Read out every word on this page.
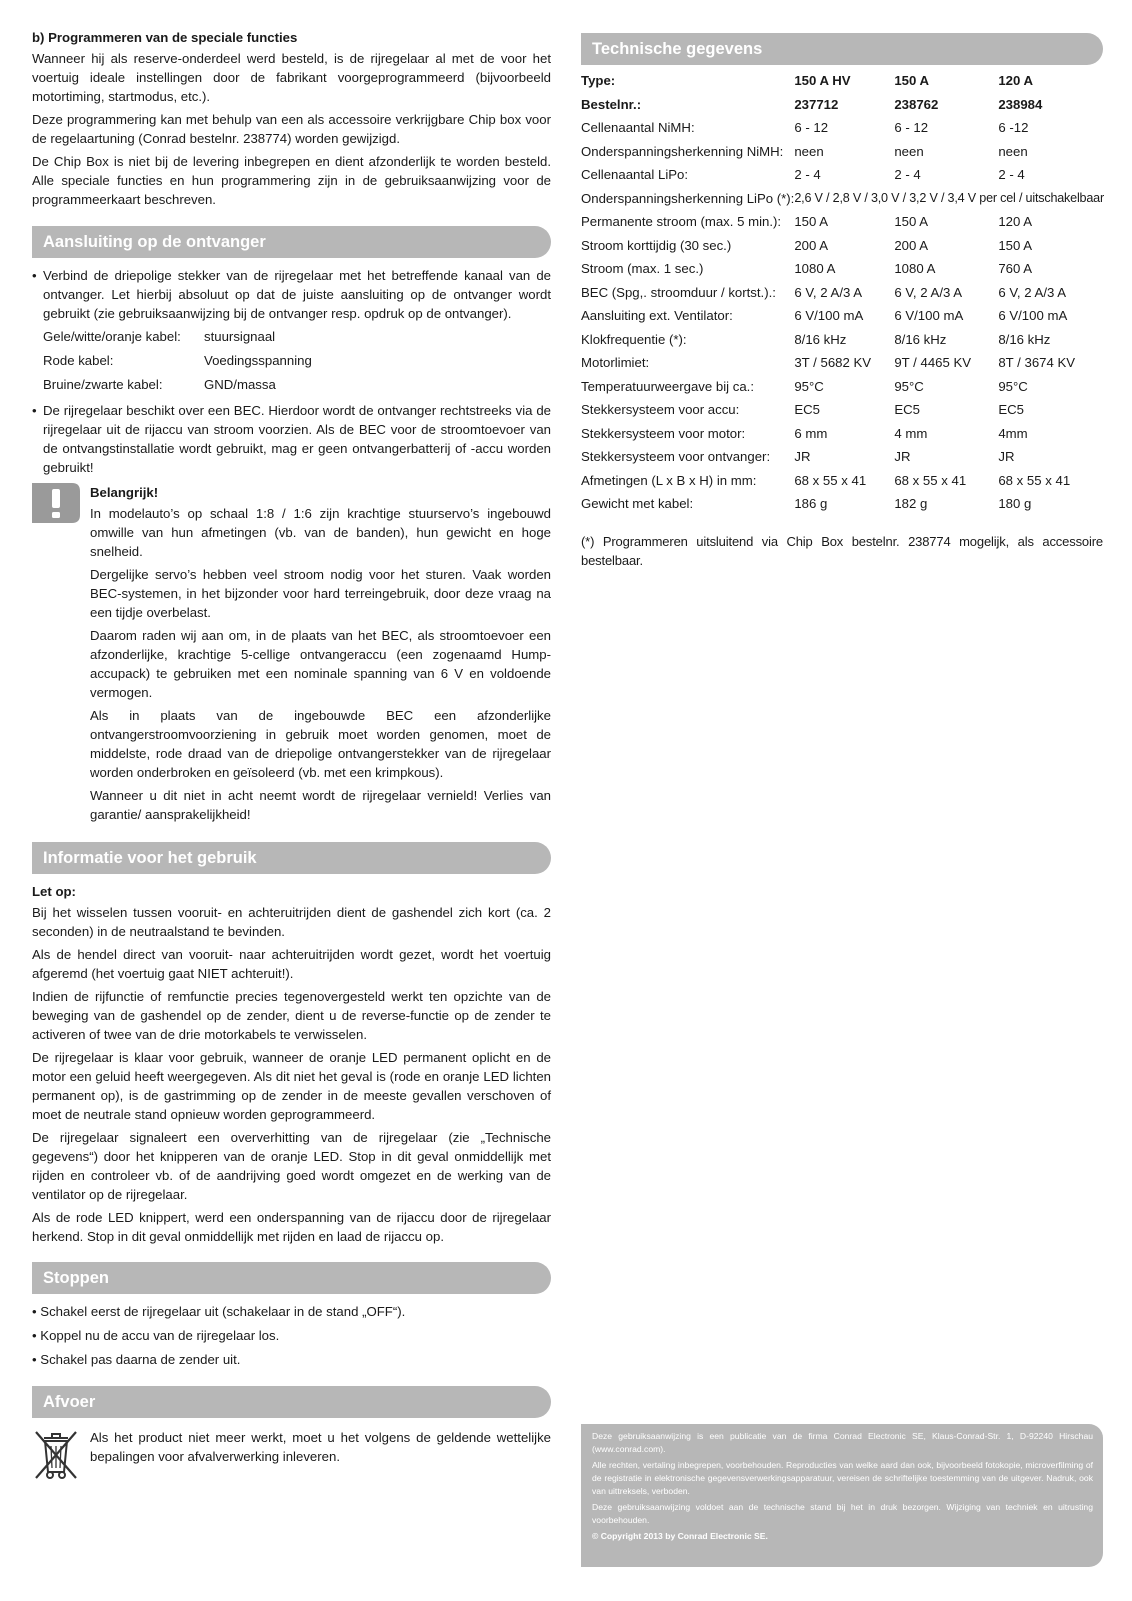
b) Programmeren van de speciale functies

Wanneer hij als reserve-onderdeel werd besteld, is de rijregelaar al met de voor het voertuig ideale instellingen door de fabrikant voorgeprogrammeerd (bijvoorbeeld motortiming, startmodus, etc.).

Deze programmering kan met behulp van een als accessoire verkrijgbare Chip box voor de regelaartuning (Conrad bestelnr. 238774) worden gewijzigd.

De Chip Box is niet bij de levering inbegrepen en dient afzonderlijk te worden besteld. Alle speciale functies en hun programmering zijn in de gebruiksaanwijzing voor de programmeerkaart beschreven.

Aansluiting op de ontvanger
• Verbind de driepolige stekker van de rijregelaar met het betreffende kanaal van de ontvanger. Let hierbij absoluut op dat de juiste aansluiting op de ontvanger wordt gebruikt (zie gebruiksaanwijzing bij de ontvanger resp. opdruk op de ontvanger).
Gele/witte/oranje kabel:	stuursignaal
Rode kabel:	Voedingsspanning
Bruine/zwarte kabel:	GND/massa
• De rijregelaar beschikt over een BEC. Hierdoor wordt de ontvanger rechtstreeks via de rijregelaar uit de rijaccu van stroom voorzien. Als de BEC voor de stroomtoevoer van de ontvangstinstallatie wordt gebruikt, mag er geen ontvangerbatterij of -accu worden gebruikt!

Belangrijk!

In modelauto’s op schaal 1:8 / 1:6 zijn krachtige stuurservo’s ingebouwd omwille van hun afmetingen (vb. van de banden), hun gewicht en hoge snelheid.

Dergelijke servo’s hebben veel stroom nodig voor het sturen. Vaak worden BEC-systemen, in het bijzonder voor hard terreingebruik, door deze vraag na een tijdje overbelast.

Daarom raden wij aan om, in de plaats van het BEC, als stroomtoevoer een afzonderlijke, krachtige 5-cellige ontvangeraccu (een zogenaamd Hump-accupack) te gebruiken met een nominale spanning van 6 V en voldoende vermogen.

Als in plaats van de ingebouwde BEC een afzonderlijke ontvangerstroomvoorziening in gebruik moet worden genomen, moet de middelste, rode draad van de driepolige ontvangerstekker van de rijregelaar worden onderbroken en geïsoleerd (vb. met een krimpkous).

Wanneer u dit niet in acht neemt wordt de rijregelaar vernield! Verlies van garantie/ aansprakelijkheid!

Informatie voor het gebruik

Let op:

Bij het wisselen tussen vooruit- en achteruitrijden dient de gashendel zich kort (ca. 2 seconden) in de neutraalstand te bevinden.

Als de hendel direct van vooruit- naar achteruitrijden wordt gezet, wordt het voertuig afgeremd (het voertuig gaat NIET achteruit!).

Indien de rijfunctie of remfunctie precies tegenovergesteld werkt ten opzichte van de beweging van de gashendel op de zender, dient u de reverse-functie op de zender te activeren of twee van de drie motorkabels te verwisselen.

De rijregelaar is klaar voor gebruik, wanneer de oranje LED permanent oplicht en de motor een geluid heeft weergegeven. Als dit niet het geval is (rode en oranje LED lichten permanent op), is de gastrimming op de zender in de meeste gevallen verschoven of moet de neutrale stand opnieuw worden geprogrammeerd.

De rijregelaar signaleert een oververhitting van de rijregelaar (zie „Technische gegevens“) door het knipperen van de oranje LED. Stop in dit geval onmiddellijk met rijden en controleer vb. of de aandrijving goed wordt omgezet en de werking van de ventilator op de rijregelaar.

Als de rode LED knippert, werd een onderspanning van de rijaccu door de rijregelaar herkend. Stop in dit geval onmiddellijk met rijden en laad de rijaccu op.

Stoppen
• Schakel eerst de rijregelaar uit (schakelaar in de stand „OFF“).
• Koppel nu de accu van de rijregelaar los.
• Schakel pas daarna de zender uit.
Afvoer

Als het product niet meer werkt, moet u het volgens de geldende wettelijke bepalingen voor afvalverwerking inleveren.

Technische gegevens
Type:	150 A HV	150 A	120 A
Bestelnr.:	237712	238762	238984
Cellenaantal NiMH:	6 - 12	6 - 12	6 -12
Onderspanningsherkenning NiMH:	neen	neen	neen
Cellenaantal LiPo:	2 - 4	2 - 4	2 - 4
Onderspanningsherkenning LiPo (*):	2,6 V / 2,8 V / 3,0 V / 3,2 V / 3,4 V per cel / uitschakelbaar		
Permanente stroom (max. 5 min.):	150 A	150 A	120 A
Stroom korttijdig (30 sec.)	200 A	200 A	150 A
Stroom (max. 1 sec.)	1080 A	1080 A	760 A
BEC (Spg,. stroomduur / kortst.).:	6 V, 2 A/3 A	6 V, 2 A/3 A	6 V, 2 A/3 A
Aansluiting ext. Ventilator:	6 V/100 mA	6 V/100 mA	6 V/100 mA
Klokfrequentie (*):	8/16 kHz	8/16 kHz	8/16 kHz
Motorlimiet:	3T / 5682 KV	9T / 4465 KV	8T / 3674 KV
Temperatuurweergave bij ca.:	95°C	95°C	95°C
Stekkersysteem voor accu:	EC5	EC5	EC5
Stekkersysteem voor motor:	6 mm	4 mm	4mm
Stekkersysteem voor ontvanger:	JR	JR	JR
Afmetingen (L x B x H) in mm:	68 x 55 x 41	68 x 55 x 41	68 x 55 x 41
Gewicht met kabel:	186 g	182 g	180 g

(*) Programmeren uitsluitend via Chip Box bestelnr. 238774 mogelijk, als accessoire bestelbaar.

Deze gebruiksaanwijzing is een publicatie van de firma Conrad Electronic SE, Klaus-Conrad-Str. 1, D-92240 Hirschau (www.conrad.com).

Alle rechten, vertaling inbegrepen, voorbehouden. Reproducties van welke aard dan ook, bijvoorbeeld fotokopie, microverfilming of de registratie in elektronische gegevensverwerkingsapparatuur, vereisen de schriftelijke toestemming van de uitgever. Nadruk, ook van uittreksels, verboden.

Deze gebruiksaanwijzing voldoet aan de technische stand bij het in druk bezorgen. Wijziging van techniek en uitrusting voorbehouden.

© Copyright 2013 by Conrad Electronic SE.
